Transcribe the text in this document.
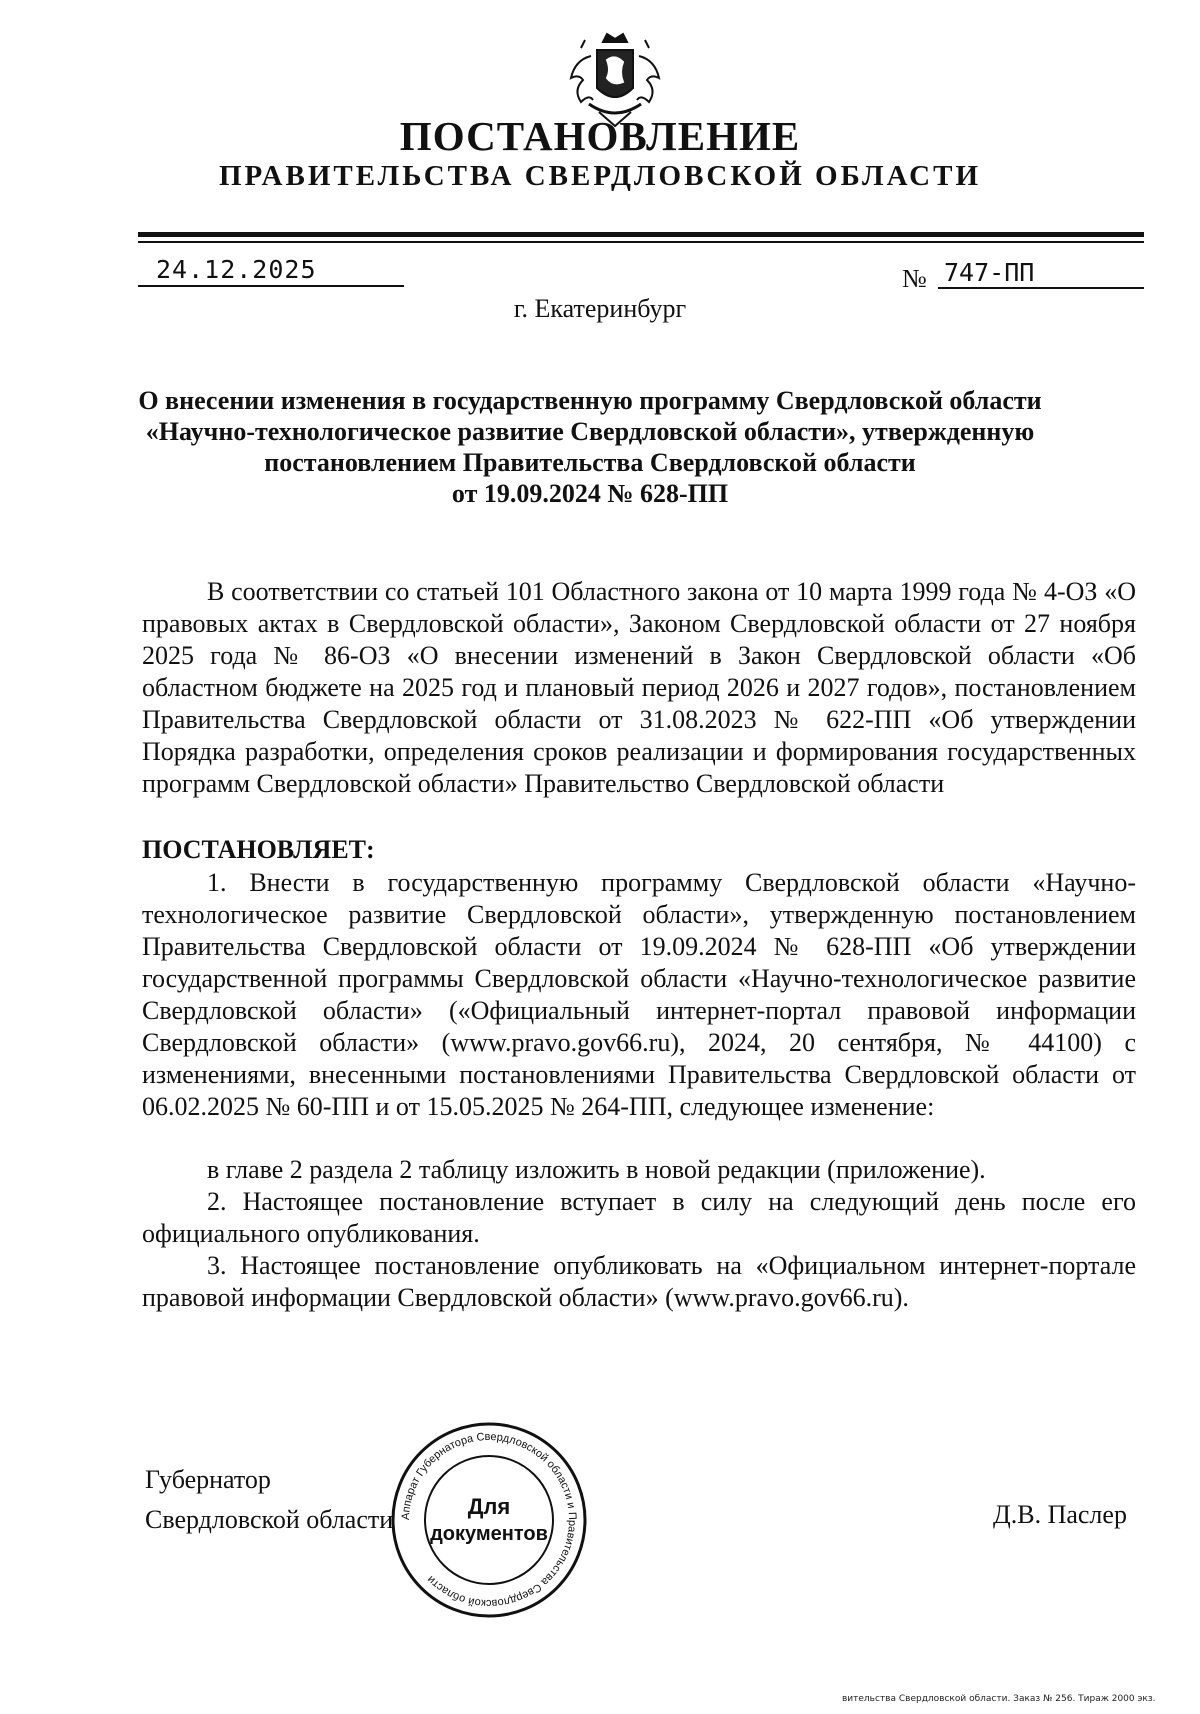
ПОСТАНОВЛЕНИЕ
ПРАВИТЕЛЬСТВА СВЕРДЛОВСКОЙ ОБЛАСТИ
24.12.2025	№ 747-ПП
г. Екатеринбург
О внесении изменения в государственную программу Свердловской области
«Научно-технологическое развитие Свердловской области», утвержденную
постановлением Правительства Свердловской области
от 19.09.2024 № 628-ПП

В соответствии со статьей 101 Областного закона от 10 марта 1999 года № 4-ОЗ «О правовых актах в Свердловской области», Законом Свердловской области от 27 ноября 2025 года № 86-ОЗ «О внесении изменений в Закон Свердловской области «Об областном бюджете на 2025 год и плановый период 2026 и 2027 годов», постановлением Правительства Свердловской области от 31.08.2023 № 622-ПП «Об утверждении Порядка разработки, определения сроков реализации и формирования государственных программ Свердловской области» Правительство Свердловской области

ПОСТАНОВЛЯЕТ:

1. Внести в государственную программу Свердловской области «Научно-технологическое развитие Свердловской области», утвержденную постановлением Правительства Свердловской области от 19.09.2024 № 628-ПП «Об утверждении государственной программы Свердловской области «Научно-технологическое развитие Свердловской области» («Официальный интернет-портал правовой информации Свердловской области» (www.pravo.gov66.ru), 2024, 20 сентября, № 44100) с изменениями, внесенными постановлениями Правительства Свердловской области от 06.02.2025 № 60-ПП и от 15.05.2025 № 264-ПП, следующее изменение:

в главе 2 раздела 2 таблицу изложить в новой редакции (приложение).

2. Настоящее постановление вступает в силу на следующий день после его официального опубликования.

3. Настоящее постановление опубликовать на «Официальном интернет-портале правовой информации Свердловской области» (www.pravo.gov66.ru).

Губернатор
Свердловской области	Д.В. Паслер
Аппарат Губернатора Свердловской области и Правительства Свердловской области
Для
документов
вительства Свердловской области. Заказ № 256. Тираж 2000 экз.
